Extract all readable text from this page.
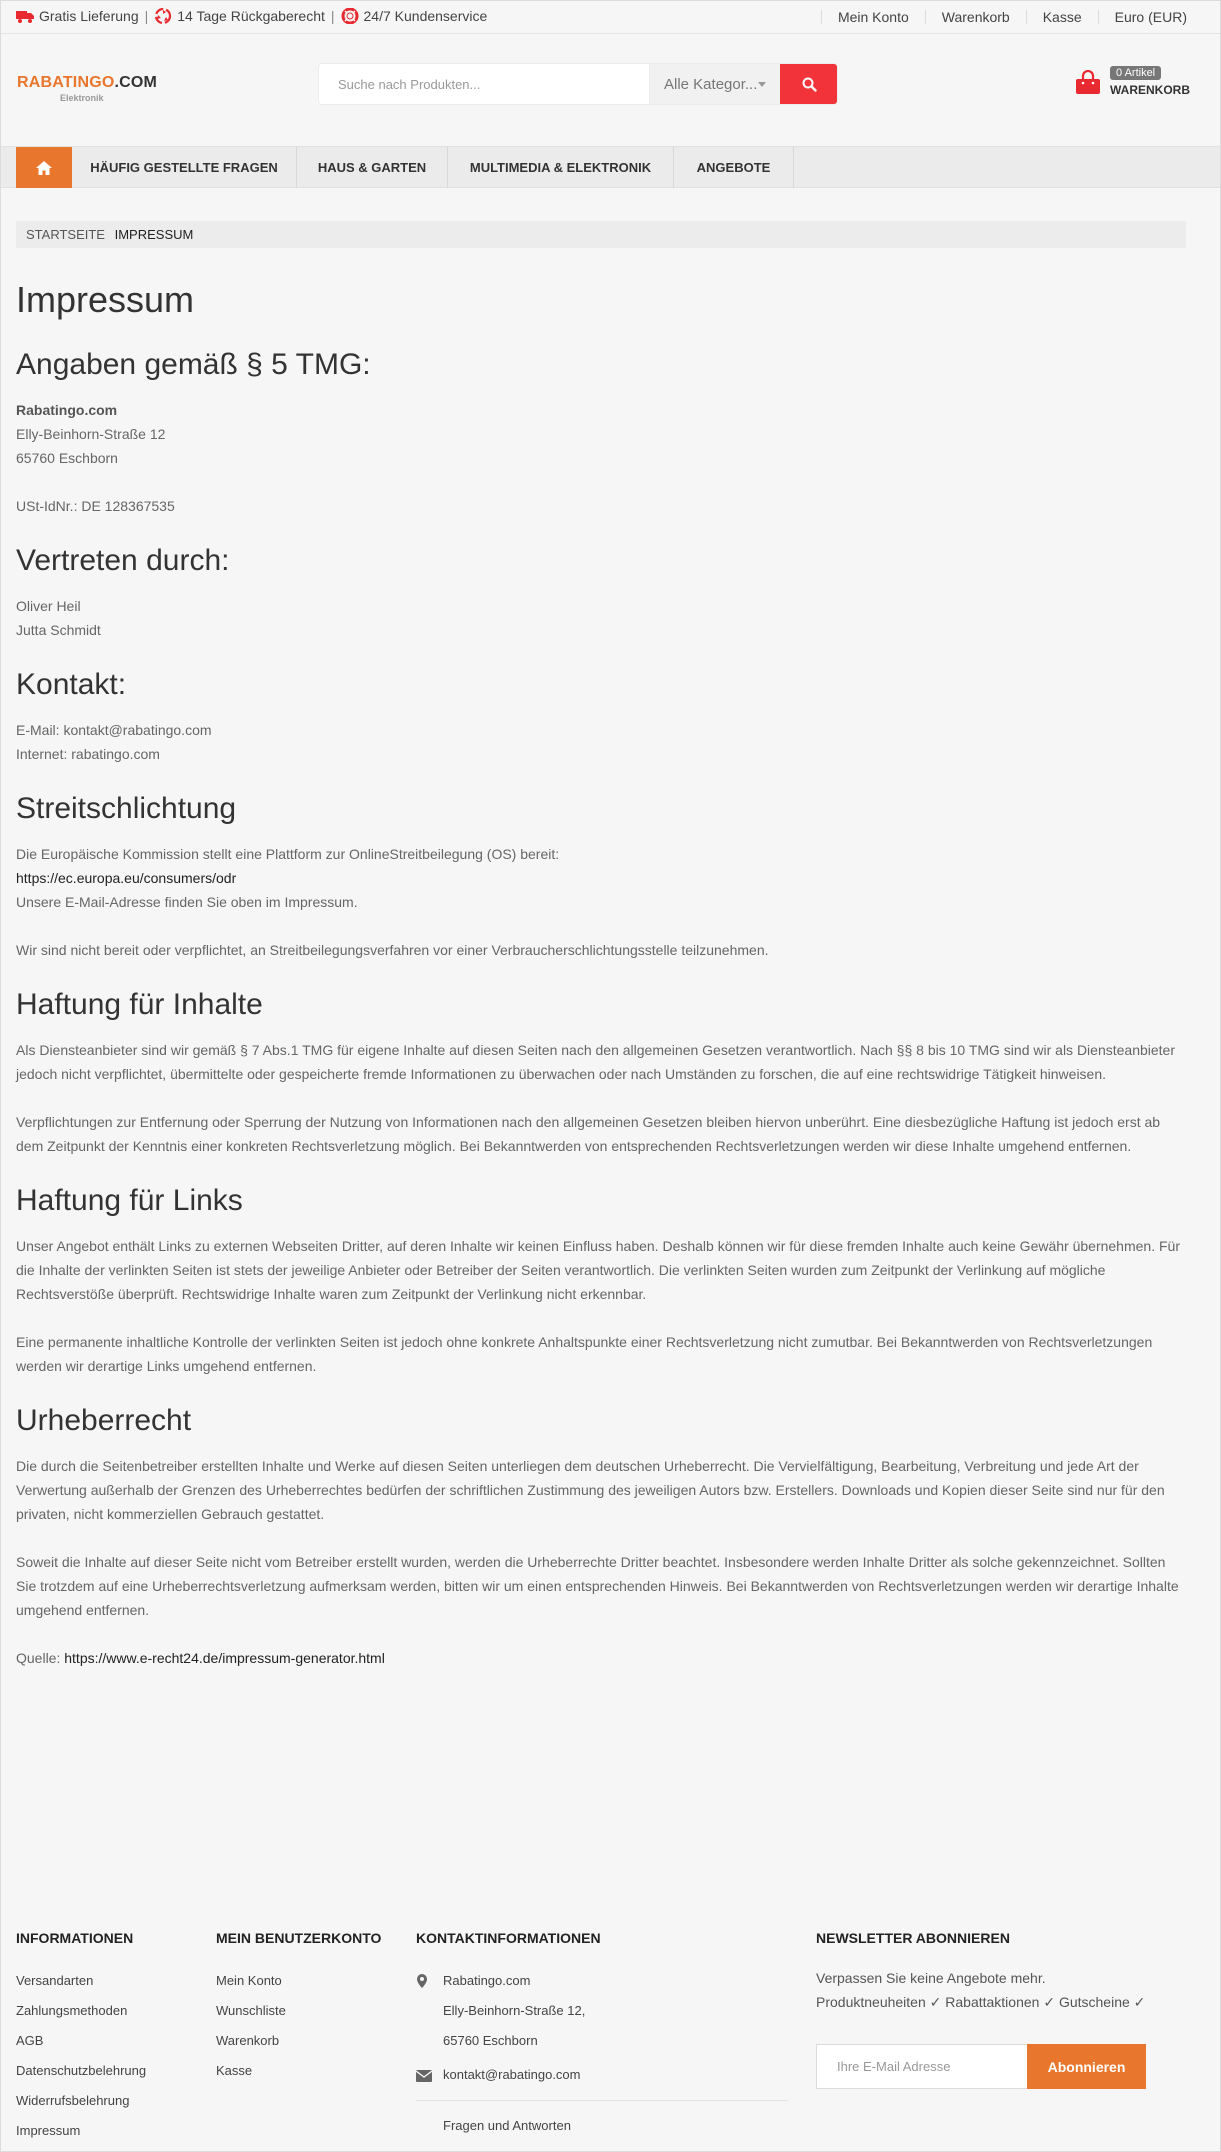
Gratis Lieferung | 14 Tage Rückgaberecht | 24/7 Kundenservice	Mein Konto	Warenkorb	Kasse	Euro (EUR)
RABATINGO.COM
Elektronik
Suche nach Produkten...
Alle Kategor...
0 Artikel
WARENKORB
HÄUFIG GESTELLTE FRAGEN	HAUS & GARTEN	MULTIMEDIA & ELEKTRONIK	ANGEBOTE
STARTSEITE IMPRESSUM
Impressum
Angaben gemäß § 5 TMG:

Rabatingo.com

Elly-Beinhorn-Straße 12

65760 Eschborn

USt-IdNr.: DE 128367535

Vertreten durch:

Oliver Heil

Jutta Schmidt

Kontakt:

E-Mail: kontakt@rabatingo.com

Internet: rabatingo.com

Streitschlichtung

Die Europäische Kommission stellt eine Plattform zur OnlineStreitbeilegung (OS) bereit:

https://ec.europa.eu/consumers/odr

Unsere E-Mail-Adresse finden Sie oben im Impressum.

Wir sind nicht bereit oder verpflichtet, an Streitbeilegungsverfahren vor einer Verbraucherschlichtungsstelle teilzunehmen.

Haftung für Inhalte

Als Diensteanbieter sind wir gemäß § 7 Abs.1 TMG für eigene Inhalte auf diesen Seiten nach den allgemeinen Gesetzen verantwortlich. Nach §§ 8 bis 10 TMG sind wir als Diensteanbieter jedoch nicht verpflichtet, übermittelte oder gespeicherte fremde Informationen zu überwachen oder nach Umständen zu forschen, die auf eine rechtswidrige Tätigkeit hinweisen.

Verpflichtungen zur Entfernung oder Sperrung der Nutzung von Informationen nach den allgemeinen Gesetzen bleiben hiervon unberührt. Eine diesbezügliche Haftung ist jedoch erst ab dem Zeitpunkt der Kenntnis einer konkreten Rechtsverletzung möglich. Bei Bekanntwerden von entsprechenden Rechtsverletzungen werden wir diese Inhalte umgehend entfernen.

Haftung für Links

Unser Angebot enthält Links zu externen Webseiten Dritter, auf deren Inhalte wir keinen Einfluss haben. Deshalb können wir für diese fremden Inhalte auch keine Gewähr übernehmen. Für die Inhalte der verlinkten Seiten ist stets der jeweilige Anbieter oder Betreiber der Seiten verantwortlich. Die verlinkten Seiten wurden zum Zeitpunkt der Verlinkung auf mögliche Rechtsverstöße überprüft. Rechtswidrige Inhalte waren zum Zeitpunkt der Verlinkung nicht erkennbar.

Eine permanente inhaltliche Kontrolle der verlinkten Seiten ist jedoch ohne konkrete Anhaltspunkte einer Rechtsverletzung nicht zumutbar. Bei Bekanntwerden von Rechtsverletzungen werden wir derartige Links umgehend entfernen.

Urheberrecht

Die durch die Seitenbetreiber erstellten Inhalte und Werke auf diesen Seiten unterliegen dem deutschen Urheberrecht. Die Vervielfältigung, Bearbeitung, Verbreitung und jede Art der Verwertung außerhalb der Grenzen des Urheberrechtes bedürfen der schriftlichen Zustimmung des jeweiligen Autors bzw. Erstellers. Downloads und Kopien dieser Seite sind nur für den privaten, nicht kommerziellen Gebrauch gestattet.

Soweit die Inhalte auf dieser Seite nicht vom Betreiber erstellt wurden, werden die Urheberrechte Dritter beachtet. Insbesondere werden Inhalte Dritter als solche gekennzeichnet. Sollten Sie trotzdem auf eine Urheberrechtsverletzung aufmerksam werden, bitten wir um einen entsprechenden Hinweis. Bei Bekanntwerden von Rechtsverletzungen werden wir derartige Inhalte umgehend entfernen.

Quelle: https://www.e-recht24.de/impressum-generator.html

INFORMATIONEN
Versandarten
Zahlungsmethoden
AGB
Datenschutzbelehrung
Widerrufsbelehrung
Impressum
MEIN BENUTZERKONTO
Mein Konto
Wunschliste
Warenkorb
Kasse
KONTAKTINFORMATIONEN
Rabatingo.com
Elly-Beinhorn-Straße 12,
65760 Eschborn
kontakt@rabatingo.com
Fragen und Antworten
NEWSLETTER ABONNIEREN

Verpassen Sie keine Angebote mehr.

Produktneuheiten ✓ Rabattaktionen ✓ Gutscheine ✓

Ihre E-Mail Adresse
Abonnieren
